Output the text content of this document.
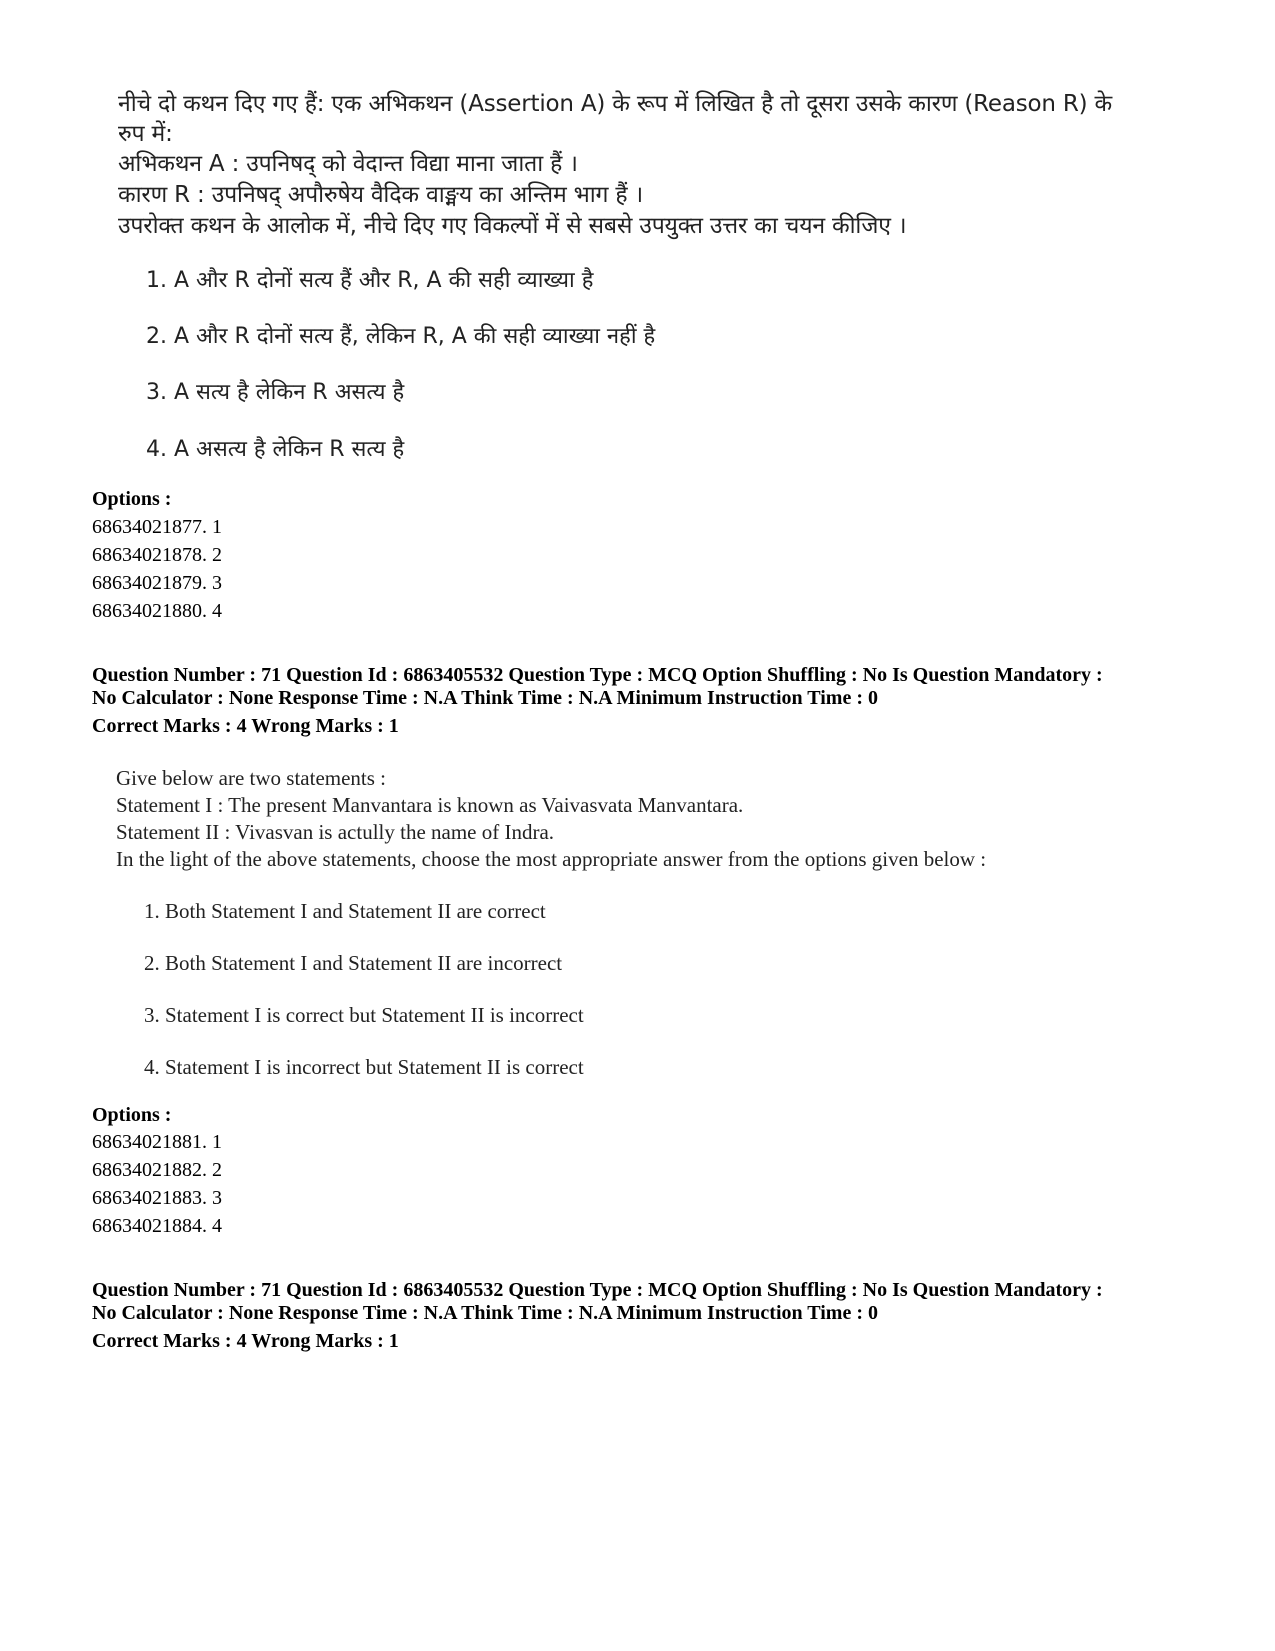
नीचे दो कथन दिए गए हैं: एक अभिकथन (Assertion A) के रूप में लिखित है तो दूसरा उसके कारण (Reason R) के
रुप में:
अभिकथन A : उपनिषद् को वेदान्त विद्या माना जाता हैं ।
कारण R : उपनिषद् अपौरुषेय वैदिक वाङ्मय का अन्तिम भाग हैं ।
उपरोक्त कथन के आलोक में, नीचे दिए गए विकल्पों में से सबसे उपयुक्त उत्तर का चयन कीजिए ।
1. A और R दोनों सत्य हैं और R, A की सही व्याख्या है
2. A और R दोनों सत्य हैं, लेकिन R, A की सही व्याख्या नहीं है
3. A सत्य है लेकिन R असत्य है
4. A असत्य है लेकिन R सत्य है
Options :
68634021877. 1
68634021878. 2
68634021879. 3
68634021880. 4
Question Number : 71 Question Id : 6863405532 Question Type : MCQ Option Shuffling : No Is Question Mandatory :
No Calculator : None Response Time : N.A Think Time : N.A Minimum Instruction Time : 0
Correct Marks : 4 Wrong Marks : 1
Give below are two statements :
Statement I : The present Manvantara is known as Vaivasvata Manvantara.
Statement II : Vivasvan is actully the name of Indra.
In the light of the above statements, choose the most appropriate answer from the options given below :
1. Both Statement I and Statement II are correct
2. Both Statement I and Statement II are incorrect
3. Statement I is correct but Statement II is incorrect
4. Statement I is incorrect but Statement II is correct
Options :
68634021881. 1
68634021882. 2
68634021883. 3
68634021884. 4
Question Number : 71 Question Id : 6863405532 Question Type : MCQ Option Shuffling : No Is Question Mandatory :
No Calculator : None Response Time : N.A Think Time : N.A Minimum Instruction Time : 0
Correct Marks : 4 Wrong Marks : 1
